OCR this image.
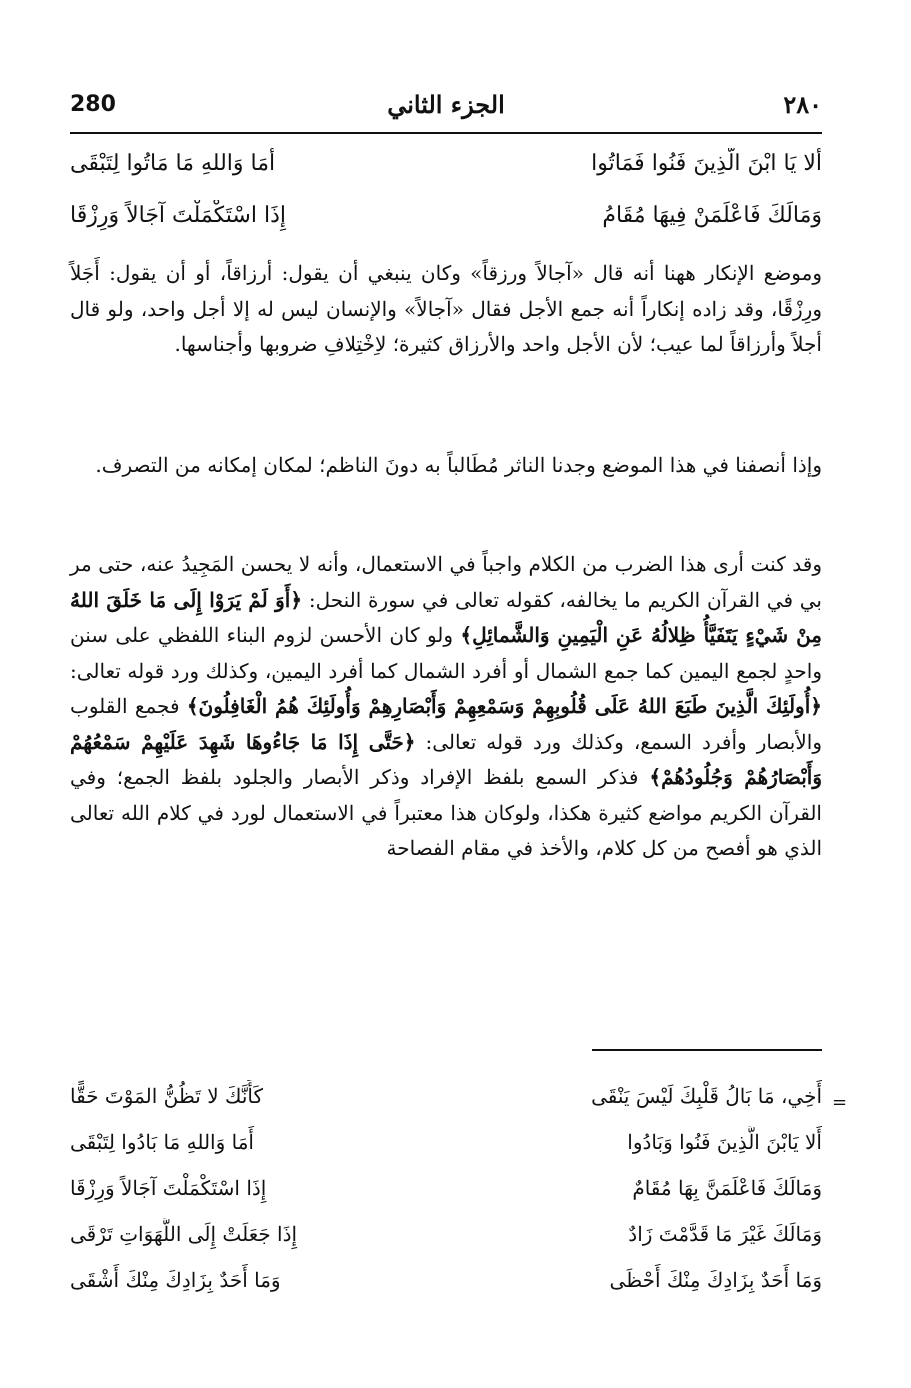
280	الجزء الثاني	٢٨٠
أَلا يَا ابْنَ الَّذِينَ فَنُوا فَمَاتُوا
أَمَا وَاللهِ مَا مَاتُوا لِتَبْقَى
وَمَالَكَ فَاعْلَمَنْ فِيهَا مُقَامُ
إِذَا اسْتَكْمَلْتَ آجَالاً وَرِزْقَا

وموضع الإنكار ههنا أنه قال «آجالاً ورزقاً» وكان ينبغي أن يقول: أرزاقاً، أو أن يقول: أَجَلاً ورِزْقًا، وقد زاده إنكاراً أنه جمع الأجل فقال «آجالاً» والإنسان ليس له إلا أجل واحد، ولو قال أجلاً وأرزاقاً لما عيب؛ لأن الأجل واحد والأرزاق كثيرة؛ لاِخْتِلافِ ضروبها وأجناسها.

وإذا أنصفنا في هذا الموضع وجدنا الناثر مُطَالباً به دونَ الناظم؛ لمكان إمكانه من التصرف.

وقد كنت أرى هذا الضرب من الكلام واجباً في الاستعمال، وأنه لا يحسن المَجِيدُ عنه، حتى مر بي في القرآن الكريم ما يخالفه، كقوله تعالى في سورة النحل: ﴿أَوَ لَمْ يَرَوْا إِلَى مَا خَلَقَ اللهُ مِنْ شَيْءٍ يَتَفَيَّأُ ظِلالُهُ عَنِ الْيَمِينِ وَالشَّمائِلِ﴾ ولو كان الأحسن لزوم البناء اللفظي على سنن واحدٍ لجمع اليمين كما جمع الشمال أو أفرد الشمال كما أفرد اليمين، وكذلك ورد قوله تعالى: ﴿أُولَئِكَ الَّذِينَ طَبَعَ اللهُ عَلَى قُلُوبِهِمْ وَسَمْعِهِمْ وَأَبْصَارِهِمْ وَأُولَئِكَ هُمُ الْغَافِلُونَ﴾ فجمع القلوب والأبصار وأفرد السمع، وكذلك ورد قوله تعالى: ﴿حَتَّى إِذَا مَا جَاءُوهَا شَهِدَ عَلَيْهِمْ سَمْعُهُمْ وَأَبْصَارُهُمْ وَجُلُودُهُمْ﴾ فذكر السمع بلفظ الإفراد وذكر الأبصار والجلود بلفظ الجمع؛ وفي القرآن الكريم مواضع كثيرة هكذا، ولوكان هذا معتبراً في الاستعمال لورد في كلام الله تعالى الذي هو أفصح من كل كلام، والأخذ في مقام الفصاحة

=
أَخِي، مَا بَالُ قَلْبِكَ لَيْسَ يَنْقَى
كَأَنَّكَ لا تَظُنُّ المَوْتَ حَقًّا
أَلا يَابْنَ الَّذِينَ فَنُوا وَبَادُوا
أَمَا وَاللهِ مَا بَادُوا لِتَبْقَى
وَمَالَكَ فَاعْلَمَنَّ بِهَا مُقَامٌ
إِذَا اسْتَكْمَلْتَ آجَالاً وَرِزْقَا
وَمَالَكَ غَيْرَ مَا قَدَّمْتَ زَادٌ
إِذَا جَعَلَتْ إِلَى اللَّهَوَاتِ تَرْقَى
وَمَا أَحَدٌ بِزَادِكَ مِنْكَ أَحْظَى
وَمَا أَحَدٌ بِزَادِكَ مِنْكَ أَشْقَى
